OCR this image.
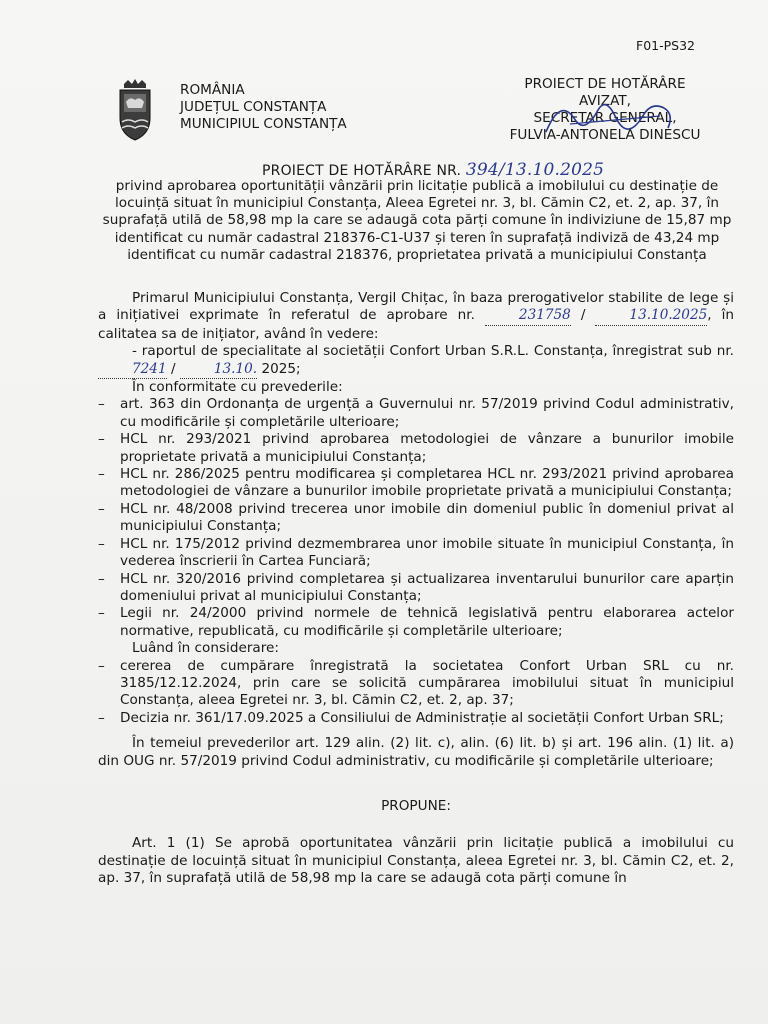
F01-PS32
ROMÂNIA
JUDEȚUL CONSTANȚA
MUNICIPIUL CONSTANȚA
PROIECT DE HOTĂRÂRE
AVIZAT,
SECRETAR GENERAL,
FULVIA-ANTONELA DINESCU
PROIECT DE HOTĂRÂRE NR. 394/13.10.2025
privind aprobarea oportunității vânzării prin licitație publică a imobilului cu destinație de locuință situat în municipiul Constanța, Aleea Egretei nr. 3, bl. Cămin C2, et. 2, ap. 37, în suprafață utilă de 58,98 mp la care se adaugă cota părți comune în indiviziune de 15,87 mp identificat cu număr cadastral 218376-C1-U37 și teren în suprafață indiviză de 43,24 mp identificat cu număr cadastral 218376, proprietatea privată a municipiului Constanța

Primarul Municipiului Constanța, Vergil Chițac, în baza prerogativelor stabilite de lege și a inițiativei exprimate în referatul de aprobare nr.	231758 /	13.10.2025, în calitatea sa de inițiator, având în vedere:

- raportul de specialitate al societății Confort Urban S.R.L. Constanța, înregistrat sub nr. 7241 /	13.10. 2025;

În conformitate cu prevederile:
– art. 363 din Ordonanța de urgență a Guvernului nr. 57/2019 privind Codul administrativ, cu modificările și completările ulterioare;
– HCL nr. 293/2021 privind aprobarea metodologiei de vânzare a bunurilor imobile proprietate privată a municipiului Constanța;
– HCL nr. 286/2025 pentru modificarea și completarea HCL nr. 293/2021 privind aprobarea metodologiei de vânzare a bunurilor imobile proprietate privată a municipiului Constanța;
– HCL nr. 48/2008 privind trecerea unor imobile din domeniul public în domeniul privat al municipiului Constanța;
– HCL nr. 175/2012 privind dezmembrarea unor imobile situate în municipiul Constanța, în vederea înscrierii în Cartea Funciară;
– HCL nr. 320/2016 privind completarea și actualizarea inventarului bunurilor care aparțin domeniului privat al municipiului Constanța;
– Legii nr. 24/2000 privind normele de tehnică legislativă pentru elaborarea actelor normative, republicată, cu modificările și completările ulterioare;
Luând în considerare:
– cererea de cumpărare înregistrată la societatea Confort Urban SRL cu nr. 3185/12.12.2024, prin care se solicită cumpărarea imobilului situat în municipiul Constanța, aleea Egretei nr. 3, bl. Cămin C2, et. 2, ap. 37;
– Decizia nr. 361/17.09.2025 a Consiliului de Administrație al societății Confort Urban SRL;

În temeiul prevederilor art. 129 alin. (2) lit. c), alin. (6) lit. b) și art. 196 alin. (1) lit. a) din OUG nr. 57/2019 privind Codul administrativ, cu modificările și completările ulterioare;

PROPUNE:

Art. 1 (1) Se aprobă oportunitatea vânzării prin licitație publică a imobilului cu destinație de locuință situat în municipiul Constanța, aleea Egretei nr. 3, bl. Cămin C2, et. 2, ap. 37, în suprafață utilă de 58,98 mp la care se adaugă cota părți comune în
